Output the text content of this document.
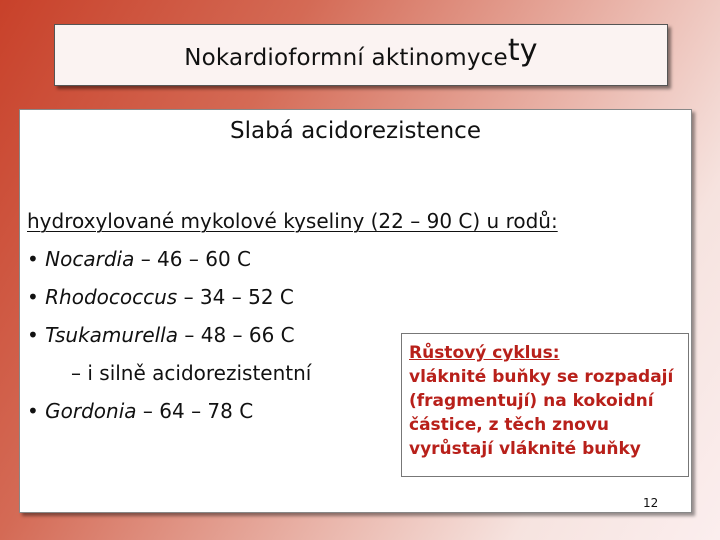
Nokardioformní aktinomycety
Slabá acidorezistence
hydroxylované mykolové kyseliny (22 – 90 C) u rodů:
• Nocardia – 46 – 60 C
• Rhodococcus – 34 – 52 C
• Tsukamurella – 48 – 66 C
– i silně acidorezistentní
• Gordonia – 64 – 78 C
Růstový cyklus:
vláknité buňky se rozpadají
(fragmentují) na kokoidní
částice, z těch znovu
vyrůstají vláknité buňky
12
